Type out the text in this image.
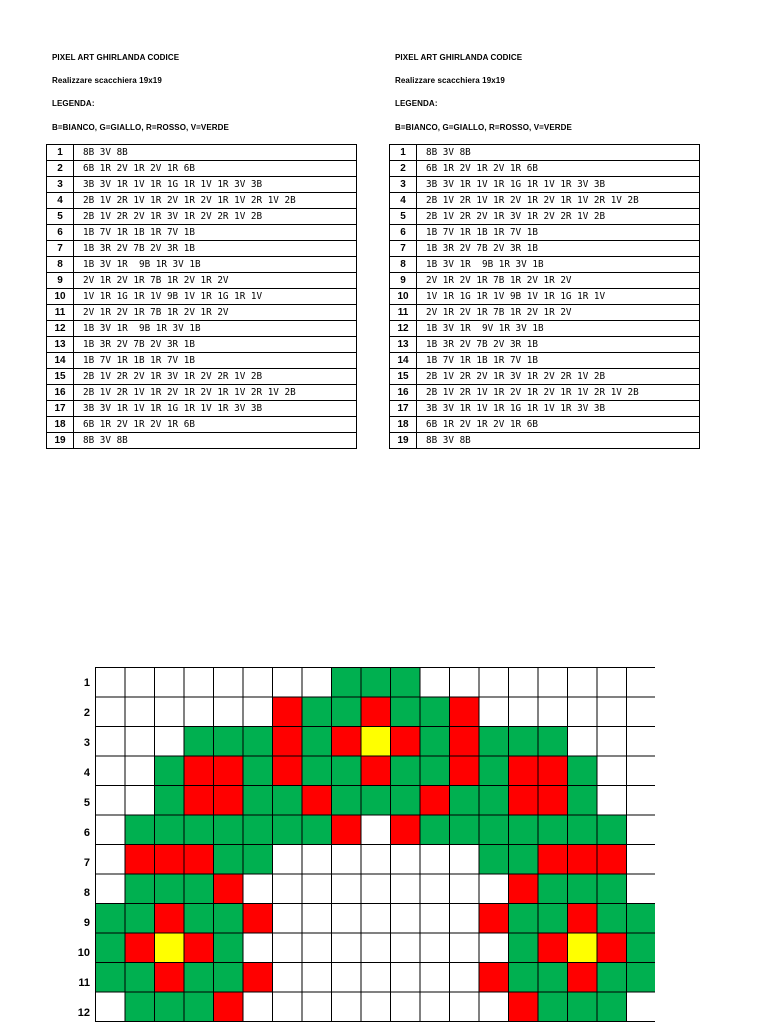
PIXEL ART GHIRLANDA CODICE
Realizzare scacchiera 19x19
LEGENDA:
B=BIANCO, G=GIALLO, R=ROSSO, V=VERDE
1	8B 3V 8B
2	6B 1R 2V 1R 2V 1R 6B
3	3B 3V 1R 1V 1R 1G 1R 1V 1R 3V 3B
4	2B 1V 2R 1V 1R 2V 1R 2V 1R 1V 2R 1V 2B
5	2B 1V 2R 2V 1R 3V 1R 2V 2R 1V 2B
6	1B 7V 1R 1B 1R 7V 1B
7	1B 3R 2V 7B 2V 3R 1B
8	1B 3V 1R  9B 1R 3V 1B
9	2V 1R 2V 1R 7B 1R 2V 1R 2V
10	1V 1R 1G 1R 1V 9B 1V 1R 1G 1R 1V
11	2V 1R 2V 1R 7B 1R 2V 1R 2V
12	1B 3V 1R  9B 1R 3V 1B
13	1B 3R 2V 7B 2V 3R 1B
14	1B 7V 1R 1B 1R 7V 1B
15	2B 1V 2R 2V 1R 3V 1R 2V 2R 1V 2B
16	2B 1V 2R 1V 1R 2V 1R 2V 1R 1V 2R 1V 2B
17	3B 3V 1R 1V 1R 1G 1R 1V 1R 3V 3B
18	6B 1R 2V 1R 2V 1R 6B
19	8B 3V 8B
PIXEL ART GHIRLANDA CODICE
Realizzare scacchiera 19x19
LEGENDA:
B=BIANCO, G=GIALLO, R=ROSSO, V=VERDE
1	8B 3V 8B
2	6B 1R 2V 1R 2V 1R 6B
3	3B 3V 1R 1V 1R 1G 1R 1V 1R 3V 3B
4	2B 1V 2R 1V 1R 2V 1R 2V 1R 1V 2R 1V 2B
5	2B 1V 2R 2V 1R 3V 1R 2V 2R 1V 2B
6	1B 7V 1R 1B 1R 7V 1B
7	1B 3R 2V 7B 2V 3R 1B
8	1B 3V 1R  9B 1R 3V 1B
9	2V 1R 2V 1R 7B 1R 2V 1R 2V
10	1V 1R 1G 1R 1V 9B 1V 1R 1G 1R 1V
11	2V 1R 2V 1R 7B 1R 2V 1R 2V
12	1B 3V 1R  9V 1R 3V 1B
13	1B 3R 2V 7B 2V 3R 1B
14	1B 7V 1R 1B 1R 7V 1B
15	2B 1V 2R 2V 1R 3V 1R 2V 2R 1V 2B
16	2B 1V 2R 1V 1R 2V 1R 2V 1R 1V 2R 1V 2B
17	3B 3V 1R 1V 1R 1G 1R 1V 1R 3V 3B
18	6B 1R 2V 1R 2V 1R 6B
19	8B 3V 8B
1
2
3
4
5
6
7
8
9
10
11
12
